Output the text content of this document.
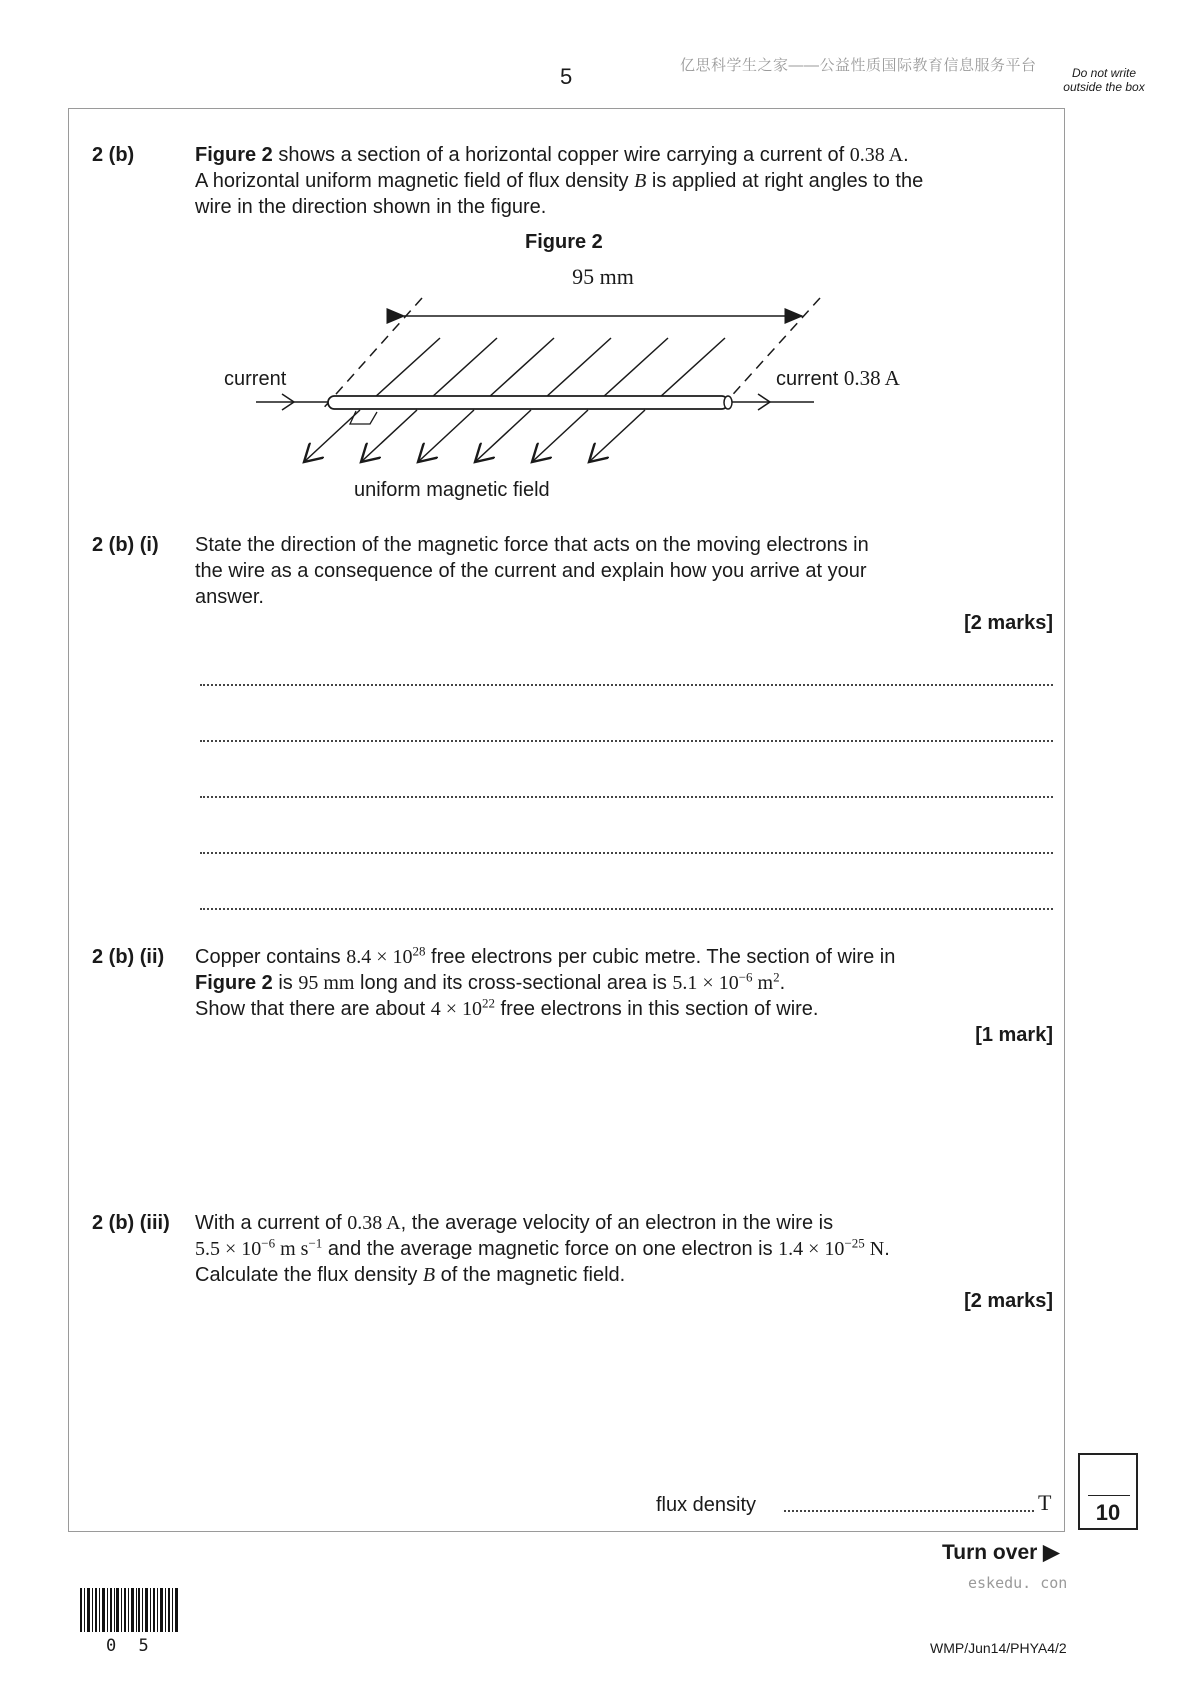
5	亿思科学生之家——公益性质国际教育信息服务平台	Do not write outside the box
2 (b)	Figure 2 shows a section of a horizontal copper wire carrying a current of 0.38 A.
A horizontal uniform magnetic field of flux density B is applied at right angles to the
wire in the direction shown in the figure.
Figure 2
95 mm
current	current 0.38 A
uniform magnetic field
2 (b) (i) State the direction of the magnetic force that acts on the moving electrons in
the wire as a consequence of the current and explain how you arrive at your
answer.
[2 marks]
2 (b) (ii) Copper contains $8.4 \times 10^{28}$ free electrons per cubic metre. The section of wire in
Figure 2 is 95 mm long and its cross-sectional area is $5.1 \times 10^{-6}$ $m^2$.
Show that there are about $4 \times 10^{22}$ free electrons in this section of wire.
[1 mark]
2 (b) (iii) With a current of 0.38 A, the average velocity of an electron in the wire is
$5.5 \times 10^{-6}$ m $s^{-1}$ and the average magnetic force on one electron is $1.4 \times 10^{-25}$ N.
Calculate the flux density B of the magnetic field.
[2 marks]
flux density	T	10
Turn over ▶
eskedu. con
0 5	WMP/Jun14/PHYA4/2
